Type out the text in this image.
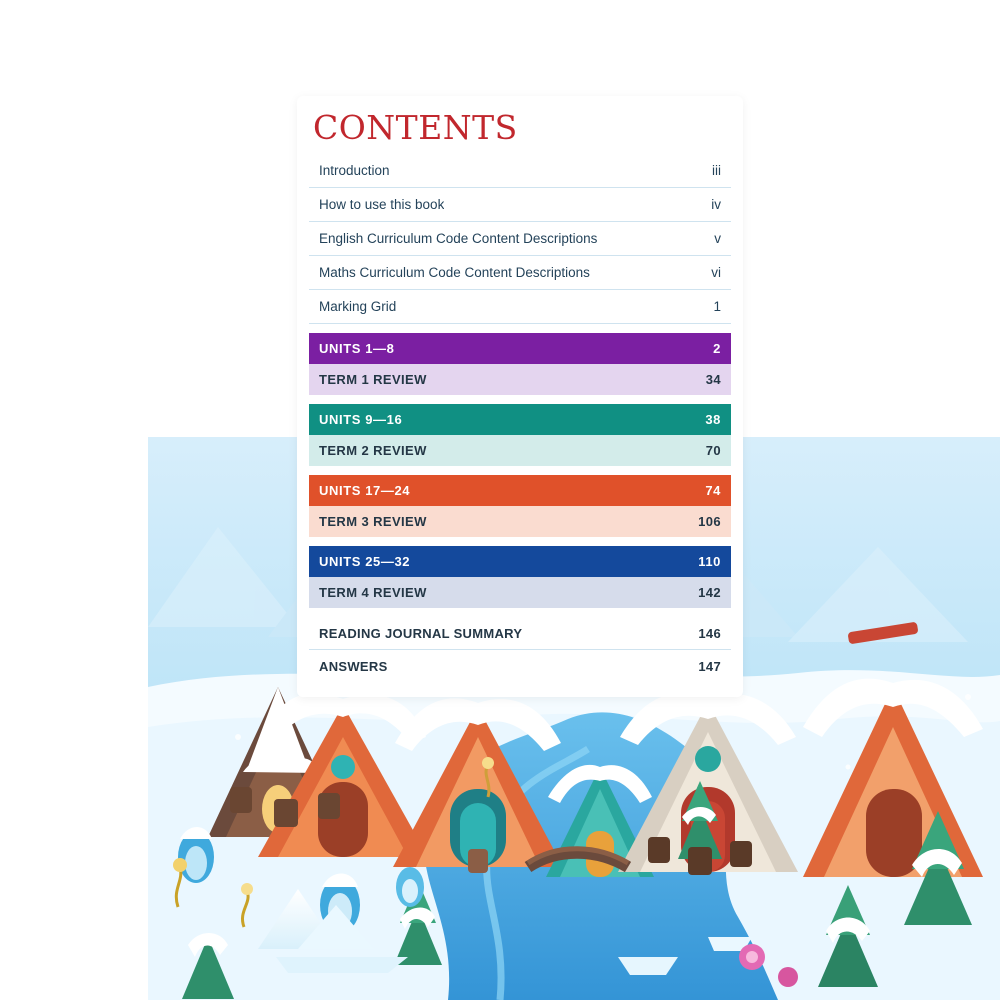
CONTENTS
Introduction	iii
How to use this book	iv
English Curriculum Code Content Descriptions	v
Maths Curriculum Code Content Descriptions	vi
Marking Grid	1
UNITS 1—8	2
TERM 1 REVIEW	34
UNITS 9—16	38
TERM 2 REVIEW	70
UNITS 17—24	74
TERM 3 REVIEW	106
UNITS 25—32	110
TERM 4 REVIEW	142
READING JOURNAL SUMMARY	146
ANSWERS	147
